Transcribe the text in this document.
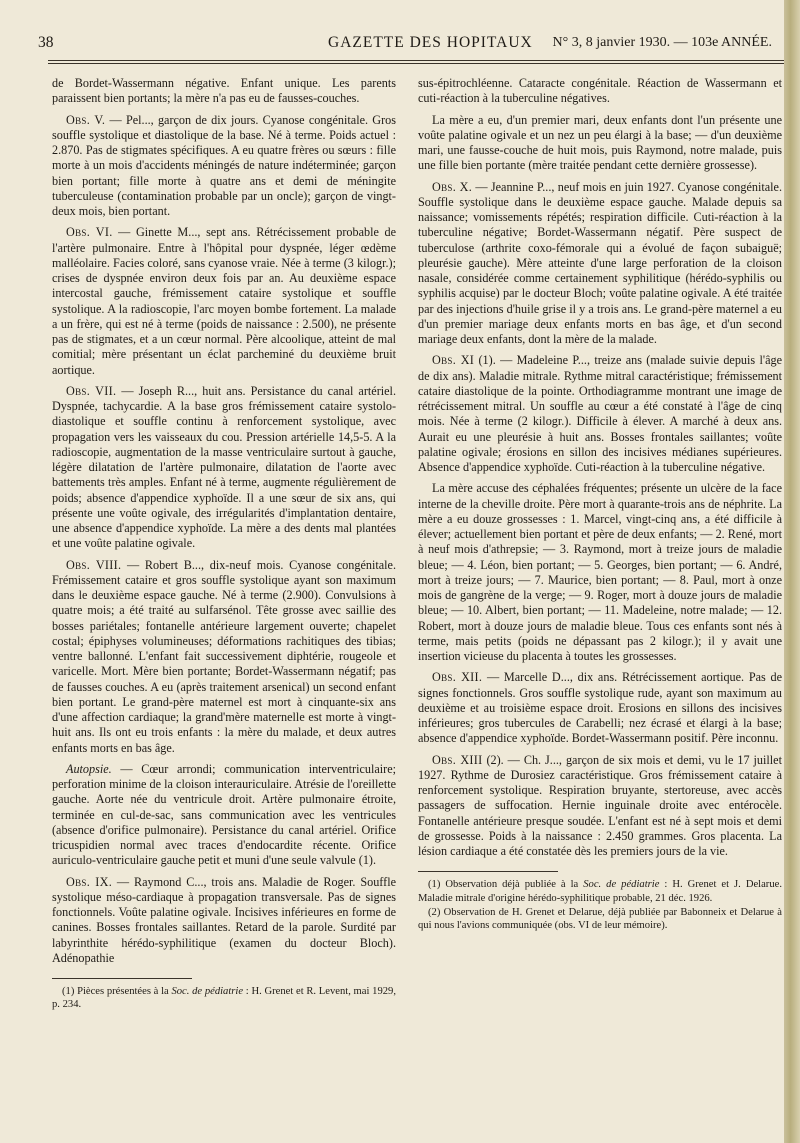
38	GAZETTE DES HOPITAUX N° 3, 8 janvier 1930. — 103e ANNÉE.

de Bordet-Wassermann négative. Enfant unique. Les parents paraissent bien portants; la mère n'a pas eu de fausses-couches.

Obs. V. — Pel..., garçon de dix jours. Cyanose congénitale. Gros souffle systolique et diastolique de la base. Né à terme. Poids actuel : 2.870. Pas de stigmates spécifiques. A eu quatre frères ou sœurs : fille morte à un mois d'accidents méningés de nature indéterminée; garçon bien portant; fille morte à quatre ans et demi de méningite tuberculeuse (contamination probable par un oncle); garçon de vingt-deux mois, bien portant.

Obs. VI. — Ginette M..., sept ans. Rétrécissement probable de l'artère pulmonaire. Entre à l'hôpital pour dyspnée, léger œdème malléolaire. Facies coloré, sans cyanose vraie. Née à terme (3 kilogr.); crises de dyspnée environ deux fois par an. Au deuxième espace intercostal gauche, frémissement cataire systolique et souffle systolique. A la radioscopie, l'arc moyen bombe fortement. La malade a un frère, qui est né à terme (poids de naissance : 2.500), ne présente pas de stigmates, et a un cœur normal. Père alcoolique, atteint de mal comitial; mère présentant un éclat parcheminé du deuxième bruit aortique.

Obs. VII. — Joseph R..., huit ans. Persistance du canal artériel. Dyspnée, tachycardie. A la base gros frémissement cataire systolo-diastolique et souffle continu à renforcement systolique, avec propagation vers les vaisseaux du cou. Pression artérielle 14,5-5. A la radioscopie, augmentation de la masse ventriculaire surtout à gauche, légère dilatation de l'artère pulmonaire, dilatation de l'aorte avec battements très amples. Enfant né à terme, augmente régulièrement de poids; absence d'appendice xyphoïde. Il a une sœur de six ans, qui présente une voûte ogivale, des irrégularités d'implantation dentaire, une absence d'appendice xyphoïde. La mère a des dents mal plantées et une voûte palatine ogivale.

Obs. VIII. — Robert B..., dix-neuf mois. Cyanose congénitale. Frémissement cataire et gros souffle systolique ayant son maximum dans le deuxième espace gauche. Né à terme (2.900). Convulsions à quatre mois; a été traité au sulfarsénol. Tête grosse avec saillie des bosses pariétales; fontanelle antérieure largement ouverte; chapelet costal; épiphyses volumineuses; déformations rachitiques des tibias; ventre ballonné. L'enfant fait successivement diphtérie, rougeole et varicelle. Mort. Mère bien portante; Bordet-Wassermann négatif; pas de fausses couches. A eu (après traitement arsenical) un second enfant bien portant. Le grand-père maternel est mort à cinquante-six ans d'une affection cardiaque; la grand'mère maternelle est morte à vingt-huit ans. Ils ont eu trois enfants : la mère du malade, et deux autres enfants morts en bas âge.

Autopsie. — Cœur arrondi; communication interventriculaire; perforation minime de la cloison interauriculaire. Atrésie de l'oreillette gauche. Aorte née du ventricule droit. Artère pulmonaire étroite, terminée en cul-de-sac, sans communication avec les ventricules (absence d'orifice pulmonaire). Persistance du canal artériel. Orifice tricuspidien normal avec traces d'endocardite récente. Orifice auriculo-ventriculaire gauche petit et muni d'une seule valvule (1).

Obs. IX. — Raymond C..., trois ans. Maladie de Roger. Souffle systolique méso-cardiaque à propagation transversale. Pas de signes fonctionnels. Voûte palatine ogivale. Incisives inférieures en forme de canines. Bosses frontales saillantes. Retard de la parole. Surdité par labyrinthite hérédo-syphilitique (examen du docteur Bloch). Adénopathie

(1) Pièces présentées à la Soc. de pédiatrie : H. Grenet et R. Levent, mai 1929, p. 234.

sus-épitrochléenne. Cataracte congénitale. Réaction de Wassermann et cuti-réaction à la tuberculine négatives.

La mère a eu, d'un premier mari, deux enfants dont l'un présente une voûte palatine ogivale et un nez un peu élargi à la base; — d'un deuxième mari, une fausse-couche de huit mois, puis Raymond, notre malade, puis une fille bien portante (mère traitée pendant cette dernière grossesse).

Obs. X. — Jeannine P..., neuf mois en juin 1927. Cyanose congénitale. Souffle systolique dans le deuxième espace gauche. Malade depuis sa naissance; vomissements répétés; respiration difficile. Cuti-réaction à la tuberculine négative; Bordet-Wassermann négatif. Père suspect de tuberculose (arthrite coxo-fémorale qui a évolué de façon subaiguë; pleurésie gauche). Mère atteinte d'une large perforation de la cloison nasale, considérée comme certainement syphilitique (hérédo-syphilis ou syphilis acquise) par le docteur Bloch; voûte palatine ogivale. A été traitée par des injections d'huile grise il y a trois ans. Le grand-père maternel a eu d'un premier mariage deux enfants morts en bas âge, et d'un second mariage deux enfants, dont la mère de la malade.

Obs. XI (1). — Madeleine P..., treize ans (malade suivie depuis l'âge de dix ans). Maladie mitrale. Rythme mitral caractéristique; frémissement cataire diastolique de la pointe. Orthodiagramme montrant une image de rétrécissement mitral. Un souffle au cœur a été constaté à l'âge de cinq mois. Née à terme (2 kilogr.). Difficile à élever. A marché à deux ans. Aurait eu une pleurésie à huit ans. Bosses frontales saillantes; voûte palatine ogivale; érosions en sillon des incisives médianes supérieures. Absence d'appendice xyphoïde. Cuti-réaction à la tuberculine négative.

La mère accuse des céphalées fréquentes; présente un ulcère de la face interne de la cheville droite. Père mort à quarante-trois ans de néphrite. La mère a eu douze grossesses : 1. Marcel, vingt-cinq ans, a été difficile à élever; actuellement bien portant et père de deux enfants; — 2. René, mort à neuf mois d'athrepsie; — 3. Raymond, mort à treize jours de maladie bleue; — 4. Léon, bien portant; — 5. Georges, bien portant; — 6. André, mort à treize jours; — 7. Maurice, bien portant; — 8. Paul, mort à onze mois de gangrène de la verge; — 9. Roger, mort à douze jours de maladie bleue; — 10. Albert, bien portant; — 11. Madeleine, notre malade; — 12. Robert, mort à douze jours de maladie bleue. Tous ces enfants sont nés à terme, mais petits (poids ne dépassant pas 2 kilogr.); il y avait une insertion vicieuse du placenta à toutes les grossesses.

Obs. XII. — Marcelle D..., dix ans. Rétrécissement aortique. Pas de signes fonctionnels. Gros souffle systolique rude, ayant son maximum au deuxième et au troisième espace droit. Erosions en sillons des incisives inférieures; gros tubercules de Carabelli; nez écrasé et élargi à la base; absence d'appendice xyphoïde. Bordet-Wassermann positif. Père inconnu.

Obs. XIII (2). — Ch. J..., garçon de six mois et demi, vu le 17 juillet 1927. Rythme de Durosiez caractéristique. Gros frémissement cataire à renforcement systolique. Respiration bruyante, stertoreuse, avec accès passagers de suffocation. Hernie inguinale droite avec entérocèle. Fontanelle antérieure presque soudée. L'enfant est né à sept mois et demi de grossesse. Poids à la naissance : 2.450 grammes. Gros placenta. La lésion cardiaque a été constatée dès les premiers jours de la vie.

(1) Observation déjà publiée à la Soc. de pédiatrie : H. Grenet et J. Delarue. Maladie mitrale d'origine hérédo-syphilitique probable, 21 déc. 1926.

(2) Observation de H. Grenet et Delarue, déjà publiée par Babonneix et Delarue à qui nous l'avions communiquée (obs. VI de leur mémoire).
